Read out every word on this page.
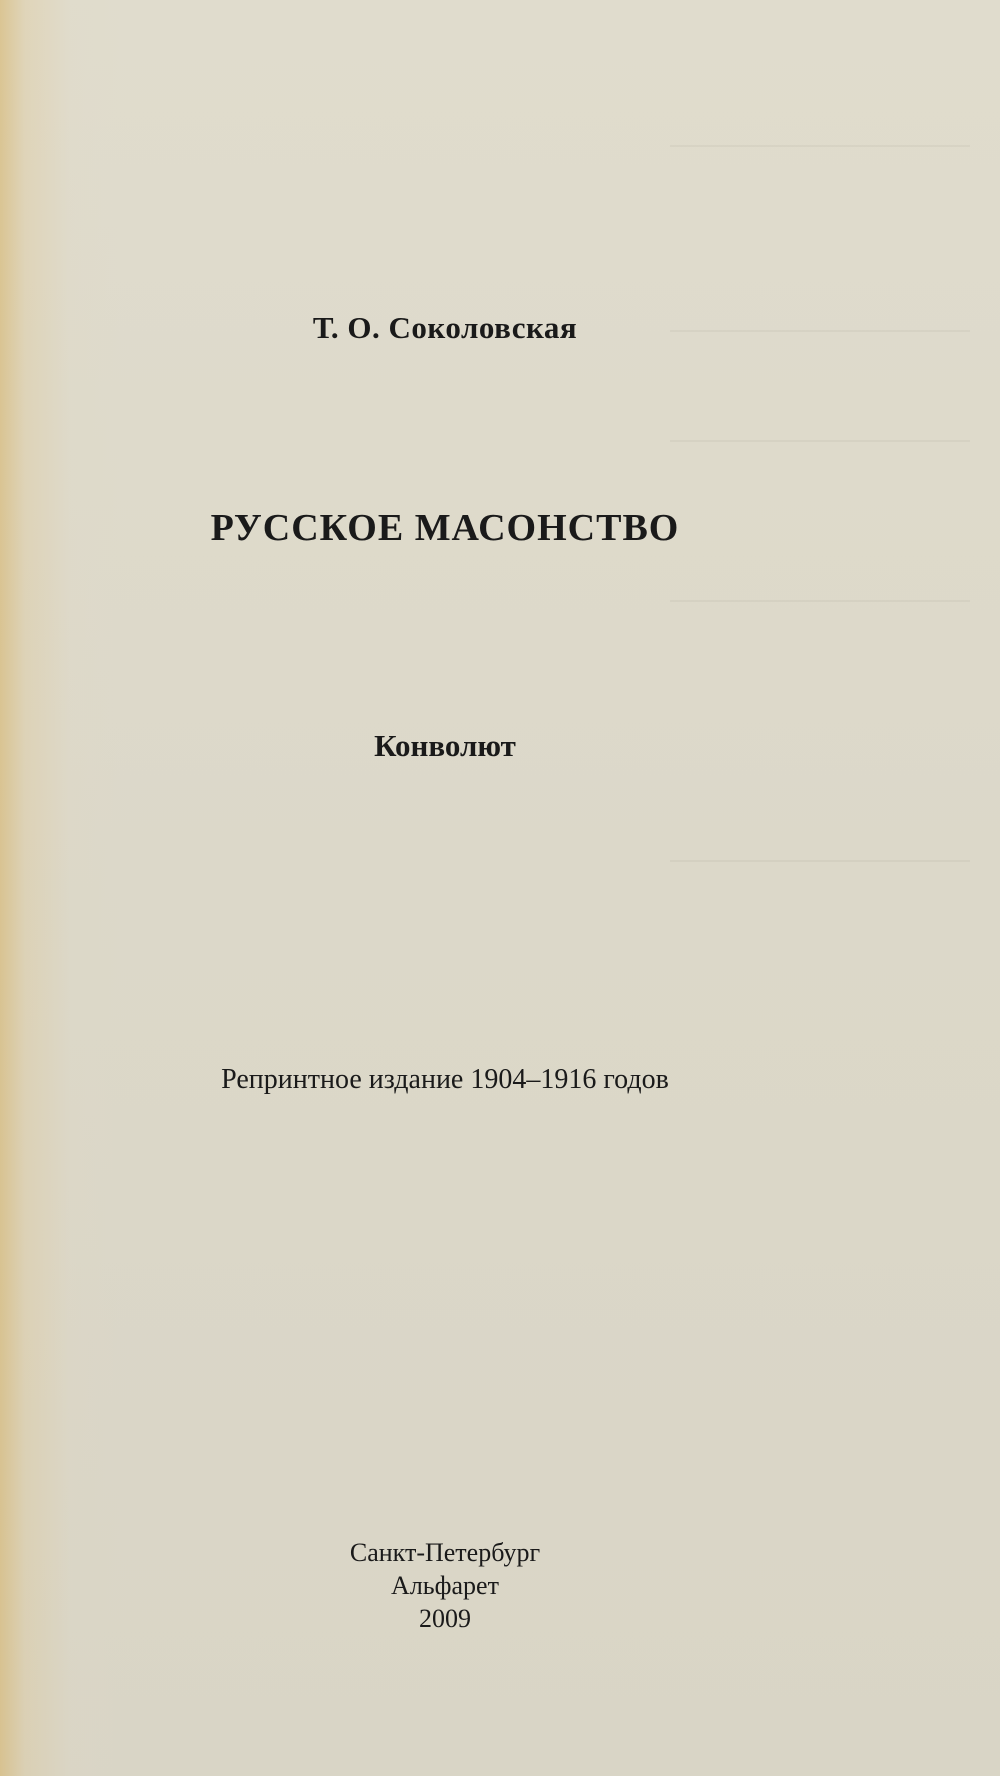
Т. О. Соколовская
РУССКОЕ МАСОНСТВО
Конволют
Репринтное издание 1904–1916 годов
Санкт-Петербург
Альфарет
2009
